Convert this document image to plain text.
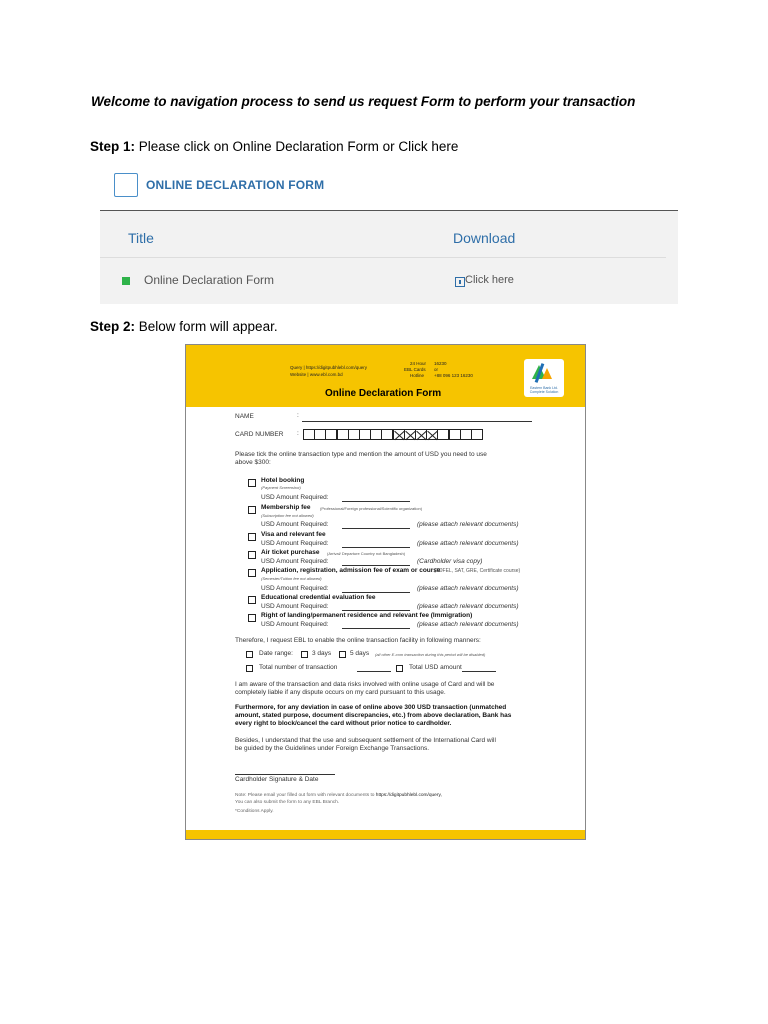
Welcome to navigation process to send us request Form to perform your transaction
Step 1: Please click on Online Declaration Form or Click here
ONLINE DECLARATION FORM
Title	Download
Online Declaration Form	Click here
Step 2: Below form will appear.
Query | https://digitpubhlebl.com/query
Website | www.ebl.com.bd
24 Hour
EBL Cards
Hotline
16230
or
+88 096 123 16230
Eastern Bank Ltd. Complete Solution
Online Declaration Form
NAME	:
CARD NUMBER :
Please tick the online transaction type and mention the amount of USD you need to use
above $300:
Hotel booking
(Payment Screenshot)
USD Amount Required:
Membership fee (Professional/Foreign professional/Scientific organization)
(Subscription fee not allowed)
USD Amount Required:	(please attach relevant documents)
Visa and relevant fee
USD Amount Required:	(please attach relevant documents)
Air ticket purchase (Arrival/ Departure Country not Bangladesh)
USD Amount Required:	(Cardholder visa copy)
Application, registration, admission fee of exam or course
(TOFEL, SAT, GRE, Certificate course)
(Semester/Tuition fee not allowed)
USD Amount Required:	(please attach relevant documents)
Educational credential evaluation fee
USD Amount Required:	(please attach relevant documents)
Right of landing/permanent residence and relevant fee (Immigration)
USD Amount Required:	(please attach relevant documents)
Therefore, I request EBL to enable the online transaction facility in following manners:
Date range:	3 days	5 days (all other E-com transaction during this period will be disabled)
Total number of transaction	Total USD amount
I am aware of the transaction and data risks involved with online usage of Card and will be
completely liable if any dispute occurs on my card pursuant to this usage.
Furthermore, for any deviation in case of online above 300 USD transaction (unmatched
amount, stated purpose, document discrepancies, etc.) from above declaration, Bank has
every right to block/cancel the card without prior notice to cardholder.
Besides, I understand that the use and subsequent settlement of the International Card will
be guided by the Guidelines under Foreign Exchange Transactions.
Cardholder Signature & Date
Note: Please email your filled out form with relevant documents to https://digitpubhlebl.com/query,
You can also submit the form to any EBL Branch.
*Conditions Apply.
